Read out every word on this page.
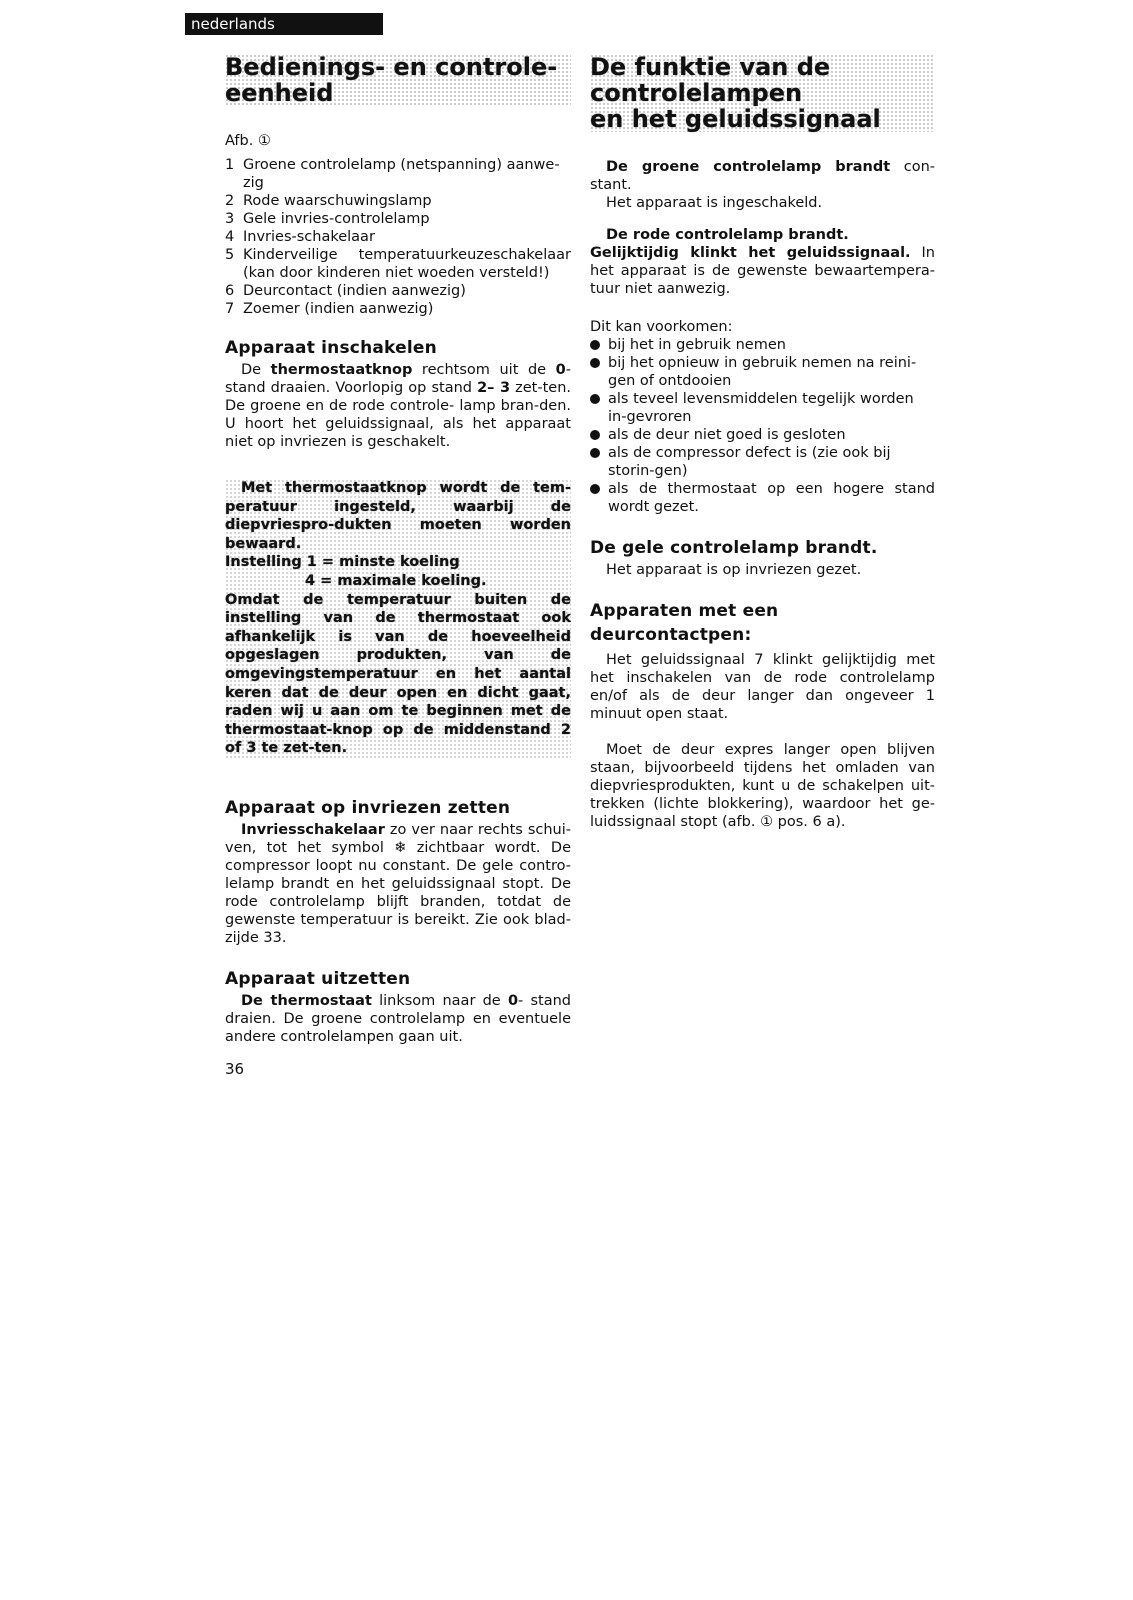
nederlands
Bedienings- en controle-
eenheid

Afb. ①

1 Groene controlelamp (netspanning) aanwe-zig
2 Rode waarschuwingslamp
3 Gele invries-controlelamp
4 Invries-schakelaar
5 Kinderveilige temperatuurkeuzeschakelaar (kan door kinderen niet woeden versteld!)
6 Deurcontact (indien aanwezig)
7 Zoemer (indien aanwezig)
Apparaat inschakelen

De thermostaatknop rechtsom uit de 0-stand draaien. Voorlopig op stand 2– 3 zet-ten. De groene en de rode controle- lamp bran-den. U hoort het geluidssignaal, als het apparaat niet op invriezen is geschakelt.

Met thermostaatknop wordt de tem-peratuur ingesteld, waarbij de diepvriespro-dukten moeten worden bewaard.

Instelling 1 = minste koeling

4 = maximale koeling.

Omdat de temperatuur buiten de instelling van de thermostaat ook afhankelijk is van de hoeveelheid opgeslagen produkten, van de omgevingstemperatuur en het aantal keren dat de deur open en dicht gaat, raden wij u aan om te beginnen met de thermostaat-knop op de middenstand 2 of 3 te zet-ten.

Apparaat op invriezen zetten

Invriesschakelaar zo ver naar rechts schui-ven, tot het symbol ❄ zichtbaar wordt. De compressor loopt nu constant. De gele contro-lelamp brandt en het geluidssignaal stopt. De rode controlelamp blijft branden, totdat de gewenste temperatuur is bereikt. Zie ook blad-zijde 33.

Apparaat uitzetten

De thermostaat linksom naar de 0- stand draien. De groene controlelamp en eventuele andere controlelampen gaan uit.

De funktie van de
controlelampen
en het geluidssignaal

De groene controlelamp brandt con-stant.

Het apparaat is ingeschakeld.

De rode controlelamp brandt.
Gelijktijdig klinkt het geluidssignaal. In het apparaat is de gewenste bewaartempera-tuur niet aanwezig.

Dit kan voorkomen:

bij het in gebruik nemen
bij het opnieuw in gebruik nemen na reini-gen of ontdooien
als teveel levensmiddelen tegelijk worden in-gevroren
als de deur niet goed is gesloten
als de compressor defect is (zie ook bij storin-gen)
als de thermostaat op een hogere stand wordt gezet.
De gele controlelamp brandt.

Het apparaat is op invriezen gezet.

Apparaten met een
deurcontactpen:

Het geluidssignaal 7 klinkt gelijktijdig met het inschakelen van de rode controlelamp en/of als de deur langer dan ongeveer 1 minuut open staat.

Moet de deur expres langer open blijven staan, bijvoorbeeld tijdens het omladen van diepvriesprodukten, kunt u de schakelpen uit-trekken (lichte blokkering), waardoor het ge-luidssignaal stopt (afb. ① pos. 6 a).

36
